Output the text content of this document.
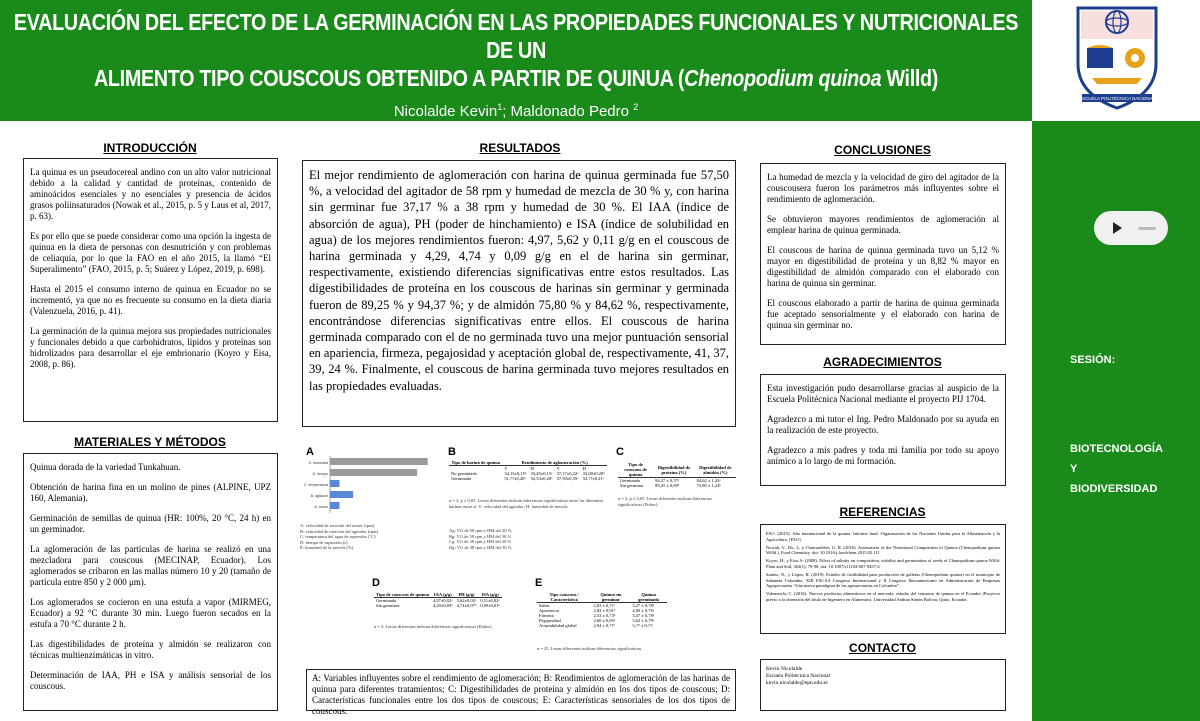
EVALUACIÓN DEL EFECTO DE LA GERMINACIÓN EN LAS PROPIEDADES FUNCIONALES Y NUTRICIONALES DE UN
ALIMENTO TIPO COUSCOUS OBTENIDO A PARTIR DE QUINUA (Chenopodium quinoa Willd)
Nicolalde Kevin$^1$; Maldonado Pedro $^2$
$^{1,2}$ Escuela Politécnica Nacional
ESCUELA POLITÉCNICA NACIONAL
SESIÓN:
BIOTECNOLOGÍA
Y
BIODIVERSIDAD
INTRODUCCIÓN

La quinua es un pseudocereal andino con un alto valor nutricional debido a la calidad y cantidad de proteínas, contenido de aminoácidos esenciales y no esenciales y presencia de ácidos grasos poliinsaturados (Nowak et al., 2015, p. 5 y Laus et al, 2017, p. 63).

Es por ello que se puede considerar como una opción la ingesta de quinua en la dieta de personas con desnutrición y con problemas de celiaquía, por lo que la FAO en el año 2015, la llamó “El Superalimento” (FAO, 2015, p. 5; Suárez y López, 2019, p. 698).

Hasta el 2015 el consumo interno de quinua en Ecuador no se incrementó, ya que no es frecuente su consumo en la dieta diaria (Valenzuela, 2016, p. 41).

La germinación de la quinua mejora sus propiedades nutricionales y funcionales debido a que carbohidratos, lípidos y proteínas son hidrolizados para desarrollar el eje embrionario (Koyro y Eisa, 2008, p. 86).

MATERIALES Y MÉTODOS

Quinua dorada de la variedad Tunkahuan.

Obtención de harina fina en un molino de pines (ALPINE, UPZ 160, Alemania).

Germinación de semillas de quinua (HR: 100%, 20 °C, 24 h) en un germinador.

La aglomeración de las partículas de harina se realizó en una mezcladora para couscous (MECINAP, Ecuador). Los aglomerados se cribaron en las mallas número 10 y 20 (tamaño de partícula entre 850 y 2 000 μm).

Los aglomerados se cocieron en una estufa a vapor (MIRMEG, Ecuador) a 92 °C durante 30 min. Luego fueron secados en la estufa a 70 °C durante 2 h.

Las digestibilidades de proteína y almidón se realizaron con técnicas multienzimáticas in vitro.

Determinación de IAA, PH e ISA y análisis sensorial de los couscous.

RESULTADOS

El mejor rendimiento de aglomeración con harina de quinua germinada fue 57,50 %, a velocidad del agitador de 58 rpm y humedad de mezcla de 30 % y, con harina sin germinar fue 37,17 % a 38 rpm y humedad de 30 %. El IAA (índice de absorción de agua), PH (poder de hinchamiento) e ISA (índice de solubilidad en agua) de los mejores rendimientos fueron: 4,97, 5,62 y 0,11 g/g en el couscous de harina germinada y 4,29, 4,74 y 0,09 g/g en el de harina sin germinar, respectivamente, existiendo diferencias significativas entre estos resultados. Las digestibilidades de proteína en los couscous de harinas sin germinar y germinada fueron de 89,25 % y 94,37 %; y de almidón 75,80 % y 84,62 %, respectivamente, encontrándose diferencias significativas entre ellos. El couscous de harina germinada comparado con el de no germinada tuvo una mejor puntuación sensorial en apariencia, firmeza, pegajosidad y aceptación global de, respectivamente, 41, 37, 39, 24 %. Finalmente, el couscous de harina germinada tuvo mejores resultados en las propiedades evaluadas.

A
E: humedad
D: tiempo
C: temperatura
B: agitador
A: motor
A: velocidad de rotación del motor (rpm)
B: velocidad de rotación del agitador (rpm)
C: temperatura del agua de aspersión (°C)
D: tiempo de aspersión (s)
E: humedad de la mezcla (%)
B
Tipo de harina de quinua	Rendimiento de aglomeración (%)			
	V	H	V	H
No germinada	34,13±0,15ᵇ	33,45±0,15ᵃ	37,17±0,22ᵃ	33,00±0,20ᵇ
Germinada	51,??±0,20ᵃ	52,53±0,20ᵃ	57,50±0,35ᵃ	52,??±0,21ᵃ
n = 3, p ≤ 0,05. Letras diferentes indican diferencias significativas entre las diferentes harinas entre sí. V: velocidad del agitador; H: humedad de mezcla.
Ag: VG de 58 rpm y HM del 20 %
Bg: VG de 58 rpm y HM del 30 %
Cg: VG de 38 rpm y HM del 20 %
Dg: VG de 38 rpm y HM del 30 %
C
Tipo de couscous de quinua	Digestibilidad de proteína (%)	Digestibilidad de almidón (%)
Germinada	94,37 ± 0,57ᵃ	84,62 ± 1,43ᵃ
Sin germinar	89,25 ± 0,89ᵇ	75,80 ± 1,24ᵇ
n = 3, p ≤ 0,05. Letras diferentes indican diferencias significativas (Fisher).
D
Tipo de couscous de quinua	IAA (g/g)	PH (g/g)	ISA (g/g)
Germinada	4,97±0,02ᵃ	5,62±0,02ᵃ	0,11±0,02ᵃ
Sin germinar	4,29±0,05ᵇ	4,74±0,07ᵇ	0,09±0,01ᵇ
n = 3. Letras diferentes indican diferencias significativas (Fisher).
E
Tipo couscous / Característica	Quinua sin germinar	Quinua germinada
Sabor	2,83 ± 0,??ᵃ	3,27 ± 0,78ᵃ
Apariencia	2,82 ± 0,91ᵇ	4,00 ± 0,76ᵃ
Firmeza	2,53 ± 0,73ᵇ	3,47 ± 0,78ᵃ
Pegajosidad	2,60 ± 0,85ᵇ	3,62 ± 0,79ᵃ
Aceptabilidad global	2,94 ± 0,??ᵇ	3,?? ± 0,??ᵃ
n = 25. Letras diferentes indican diferencias significativas.
A: Variables influyentes sobre el rendimiento de aglomeración; B: Rendimientos de aglomeración de las harinas de quinua para diferentes tratamientos; C: Digestibilidades de proteína y almidón en los dos tipos de couscous; D: Características funcionales entre los dos tipos de couscous; E: Características sensoriales de los dos tipos de couscous.
CONCLUSIONES

La humedad de mezcla y la velocidad de giro del agitador de la couscousera fueron los parámetros más influyentes sobre el rendimiento de aglomeración.

Se obtuvieron mayores rendimientos de aglomeración al emplear harina de quinua germinada.

El couscous de harina de quinua germinada tuvo un 5,12 % mayor en digestibilidad de proteína y un 8,82 % mayor en digestibilidad de almidón comparado con el elaborado con harina de quinua sin germinar.

El couscous elaborado a partir de harina de quinua germinada fue aceptado sensorialmente y el elaborado con harina de quinua sin germinar no.

AGRADECIMIENTOS

Esta investigación pudo desarrollarse gracias al auspicio de la Escuela Politécnica Nacional mediante el proyecto PIJ 1704.

Agradezco a mi tutor el Ing. Pedro Maldonado por su ayuda en la realización de este proyecto.

Agradezco a mis padres y toda mi familia por todo su apoyo anímico a lo largo de mi formación.

REFERENCIAS

FAO. (2015). Año internacional de la quinua. Informe final. Organización de las Naciones Unidas para la Alimentación y la Agricultura. [FAO].

Nowak, V., Du, J., y Charrondière, U. R. (2016). Assessment of the Nutritional Composition of Quinoa (Chenopodium quinoa Willd.). Food Chemistry. doi: 10.1016/j.foodchem.2015.02.111

Koyro, H., y Eisa, S. (2008). Effect of salinity on composition, viability and germination of seeds of Chenopodium quinoa Willd. Plant and Soil, 302(1), 79-90. doi: 10.1007/s11104-007-9457-4

Suárez, N., y López, R. (2019). Estudio de factibilidad para producción de galletas (Chenopodium quinoa) en el municipio de Sabaneta Colombia. XIII ESCAA Congreso Internacional y II Congreso Iberoamericano en Administración de Empresas Agropecuarias “Una nueva paradigma de las agropecuarias en Colombia”.

Valenzuela, C. (2016). Nuevos productos alimenticios en el mercado: estudio del consumo de quinua en el Ecuador (Proyecto previo a la obtención del título de Ingeniero en Alimentos). Universidad Andina Simón Bolívar, Quito, Ecuador.

CONTACTO
Kevin Nicolalde
Escuela Politécnica Nacional
kevin.nicolalde@epn.edu.ec
